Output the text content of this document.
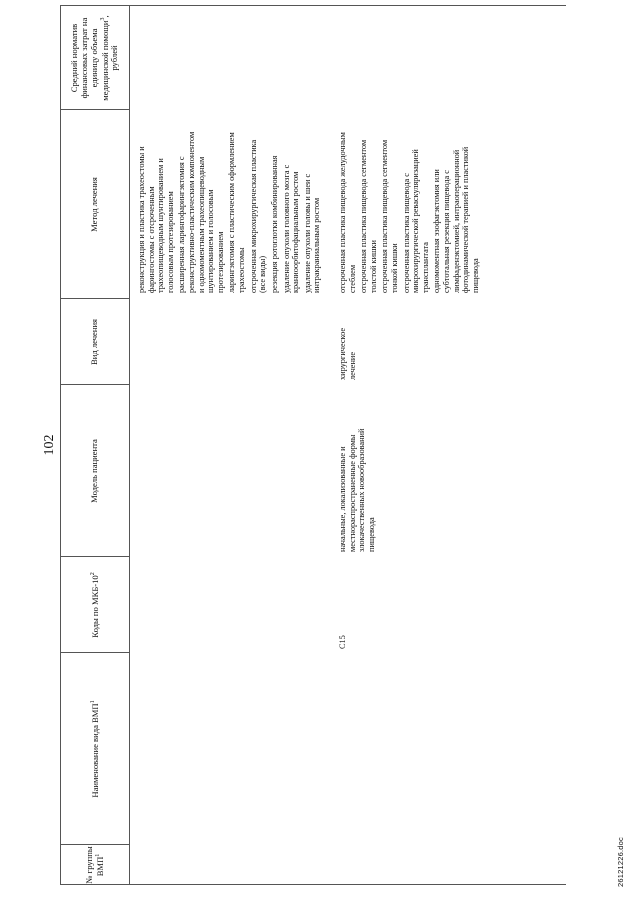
102
№ группы ВМП$^1$
Наименование вида ВМП$^1$
Коды по МКБ-$10^2$
Модель пациента
Вид лечения
Метод лечения
Средний норматив финансовых затрат на единицу объема медицинской помощи$^3$, рублей
реконструкция и пластика трахеостомы и фарингостомы с отсроченным трахеопищеводным шунтированием и голосовым протезированием расширенная ларингофарингэктомия с реконструктивно-пластическим компонентом и одномоментным трахеопищеводным шунтированием и голосовым протезированием ларингэктомия с пластическим оформлением трахеостомы отсроченная микрохирургическая пластика (все виды) резекция ротоглотки комбинированная удаление опухоли головного мозга с краниоорбитофациальным ростом удаление опухоли головы и шеи с интракраниальным ростом
C15
начальные, локализованные и местнораспространенные формы злокачественных новообразований пищевода
хирургическое лечение
отсроченная пластика пищевода желудочным стеблем отсроченная пластика пищевода сегментом толстой кишки отсроченная пластика пищевода сегментом тонкой кишки отсроченная пластика пищевода с микрохирургической реваскуляризацией трансплантата одномоментная эзофагэктомия или субтотальная резекция пищевода с лимфаденэктомией, интраоперационной фотодинамической терапией и пластикой пищевода
26121226.doc
